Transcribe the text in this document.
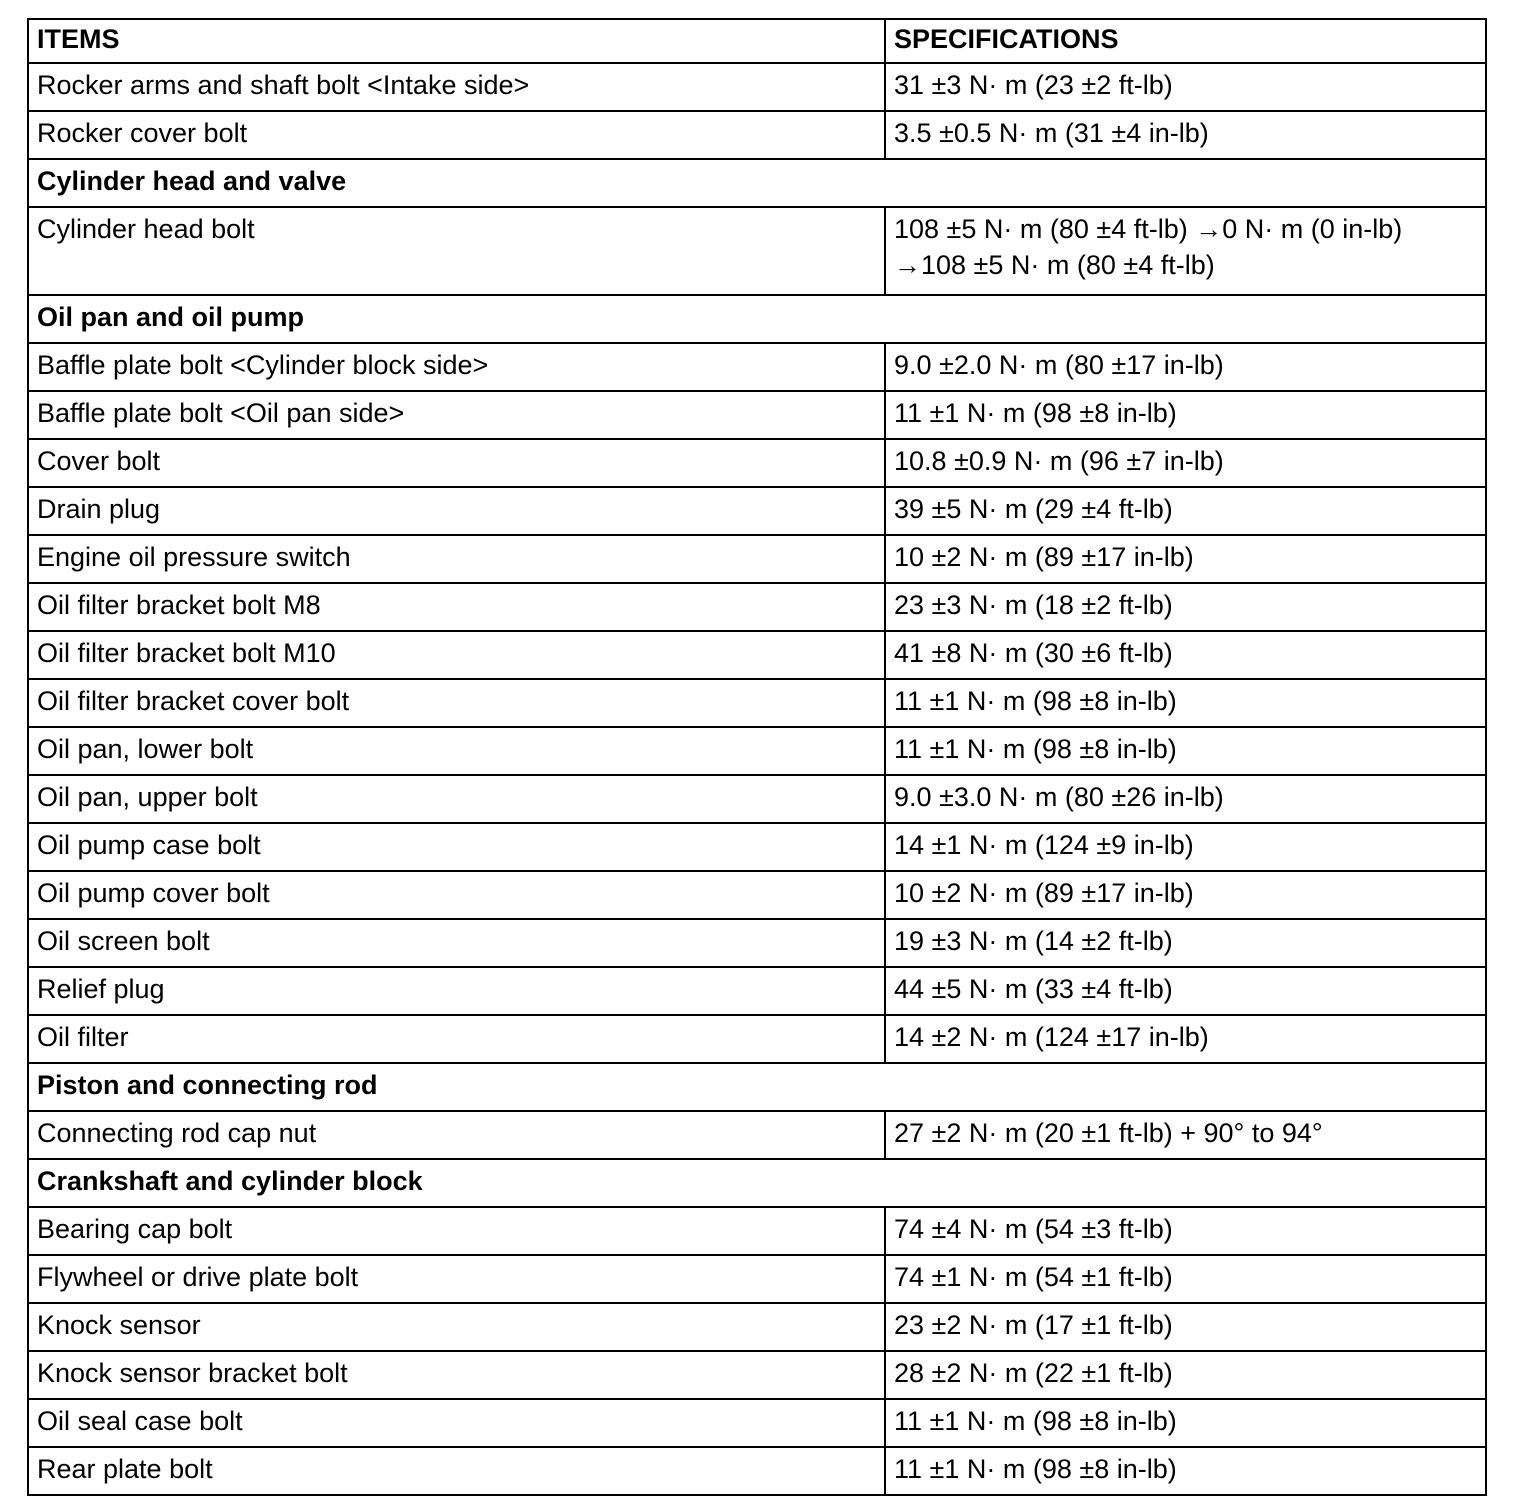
ITEMS	SPECIFICATIONS
Rocker arms and shaft bolt <Intake side>	31 ±3 N· m (23 ±2 ft-lb)
Rocker cover bolt	3.5 ±0.5 N· m (31 ±4 in-lb)
Cylinder head and valve	
Cylinder head bolt	108 ±5 N· m (80 ±4 ft-lb) →0 N· m (0 in-lb)
→108 ±5 N· m (80 ±4 ft-lb)

Oil pan and oil pump	
Baffle plate bolt <Cylinder block side>	9.0 ±2.0 N· m (80 ±17 in-lb)
Baffle plate bolt <Oil pan side>	11 ±1 N· m (98 ±8 in-lb)
Cover bolt	10.8 ±0.9 N· m (96 ±7 in-lb)
Drain plug	39 ±5 N· m (29 ±4 ft-lb)
Engine oil pressure switch	10 ±2 N· m (89 ±17 in-lb)
Oil filter bracket bolt M8	23 ±3 N· m (18 ±2 ft-lb)
Oil filter bracket bolt M10	41 ±8 N· m (30 ±6 ft-lb)
Oil filter bracket cover bolt	11 ±1 N· m (98 ±8 in-lb)
Oil pan, lower bolt	11 ±1 N· m (98 ±8 in-lb)
Oil pan, upper bolt	9.0 ±3.0 N· m (80 ±26 in-lb)
Oil pump case bolt	14 ±1 N· m (124 ±9 in-lb)
Oil pump cover bolt	10 ±2 N· m (89 ±17 in-lb)
Oil screen bolt	19 ±3 N· m (14 ±2 ft-lb)
Relief plug	44 ±5 N· m (33 ±4 ft-lb)
Oil filter	14 ±2 N· m (124 ±17 in-lb)
Piston and connecting rod	
Connecting rod cap nut	27 ±2 N· m (20 ±1 ft-lb) + 90° to 94°
Crankshaft and cylinder block	
Bearing cap bolt	74 ±4 N· m (54 ±3 ft-lb)
Flywheel or drive plate bolt	74 ±1 N· m (54 ±1 ft-lb)
Knock sensor	23 ±2 N· m (17 ±1 ft-lb)
Knock sensor bracket bolt	28 ±2 N· m (22 ±1 ft-lb)
Oil seal case bolt	11 ±1 N· m (98 ±8 in-lb)
Rear plate bolt	11 ±1 N· m (98 ±8 in-lb)
